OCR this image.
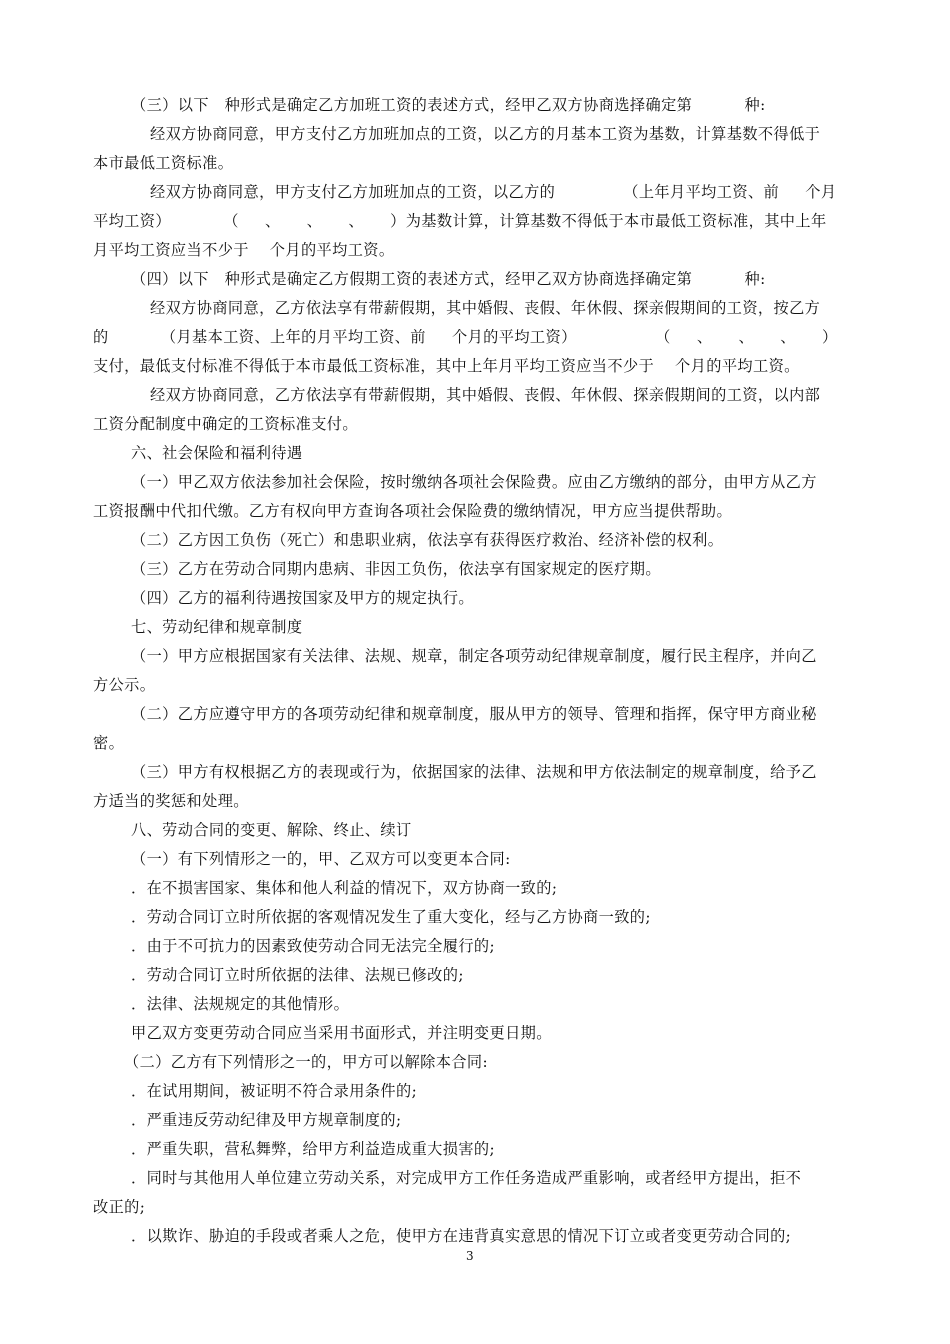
（三）以下   种形式是确定乙方加班工资的表述方式，经甲乙双方协商选择确定第          种:
经双方协商同意，甲方支付乙方加班加点的工资，以乙方的月基本工资为基数，计算基数不得低于
本市最低工资标准。
经双方协商同意，甲方支付乙方加班加点的工资，以乙方的             （上年月平均工资、前     个月
平均工资）          （     、     、     、     ）为基数计算，计算基数不得低于本市最低工资标准，其中上年
月平均工资应当不少于    个月的平均工资。
（四）以下   种形式是确定乙方假期工资的表述方式，经甲乙双方协商选择确定第          种:
经双方协商同意，乙方依法享有带薪假期，其中婚假、丧假、年休假、探亲假期间的工资，按乙方
的          （月基本工资、上年的月平均工资、前     个月的平均工资）               （     、     、     、     ）
支付，最低支付标准不得低于本市最低工资标准，其中上年月平均工资应当不少于    个月的平均工资。
经双方协商同意，乙方依法享有带薪假期，其中婚假、丧假、年休假、探亲假期间的工资，以内部
工资分配制度中确定的工资标准支付。
六、社会保险和福利待遇
（一）甲乙双方依法参加社会保险，按时缴纳各项社会保险费。应由乙方缴纳的部分，由甲方从乙方
工资报酬中代扣代缴。乙方有权向甲方查询各项社会保险费的缴纳情况，甲方应当提供帮助。
（二）乙方因工负伤（死亡）和患职业病，依法享有获得医疗救治、经济补偿的权利。
（三）乙方在劳动合同期内患病、非因工负伤，依法享有国家规定的医疗期。
（四）乙方的福利待遇按国家及甲方的规定执行。
七、劳动纪律和规章制度
（一）甲方应根据国家有关法律、法规、规章，制定各项劳动纪律规章制度，履行民主程序，并向乙
方公示。
（二）乙方应遵守甲方的各项劳动纪律和规章制度，服从甲方的领导、管理和指挥，保守甲方商业秘
密。
（三）甲方有权根据乙方的表现或行为，依据国家的法律、法规和甲方依法制定的规章制度，给予乙
方适当的奖惩和处理。
八、劳动合同的变更、解除、终止、续订
（一）有下列情形之一的，甲、乙双方可以变更本合同:
．在不损害国家、集体和他人利益的情况下，双方协商一致的;
．劳动合同订立时所依据的客观情况发生了重大变化，经与乙方协商一致的;
．由于不可抗力的因素致使劳动合同无法完全履行的;
．劳动合同订立时所依据的法律、法规已修改的;
．法律、法规规定的其他情形。
甲乙双方变更劳动合同应当采用书面形式，并注明变更日期。
（二）乙方有下列情形之一的，甲方可以解除本合同:
．在试用期间，被证明不符合录用条件的;
．严重违反劳动纪律及甲方规章制度的;
．严重失职，营私舞弊，给甲方利益造成重大损害的;
．同时与其他用人单位建立劳动关系，对完成甲方工作任务造成严重影响，或者经甲方提出，拒不
改正的;
．以欺诈、胁迫的手段或者乘人之危，使甲方在违背真实意思的情况下订立或者变更劳动合同的;
3
